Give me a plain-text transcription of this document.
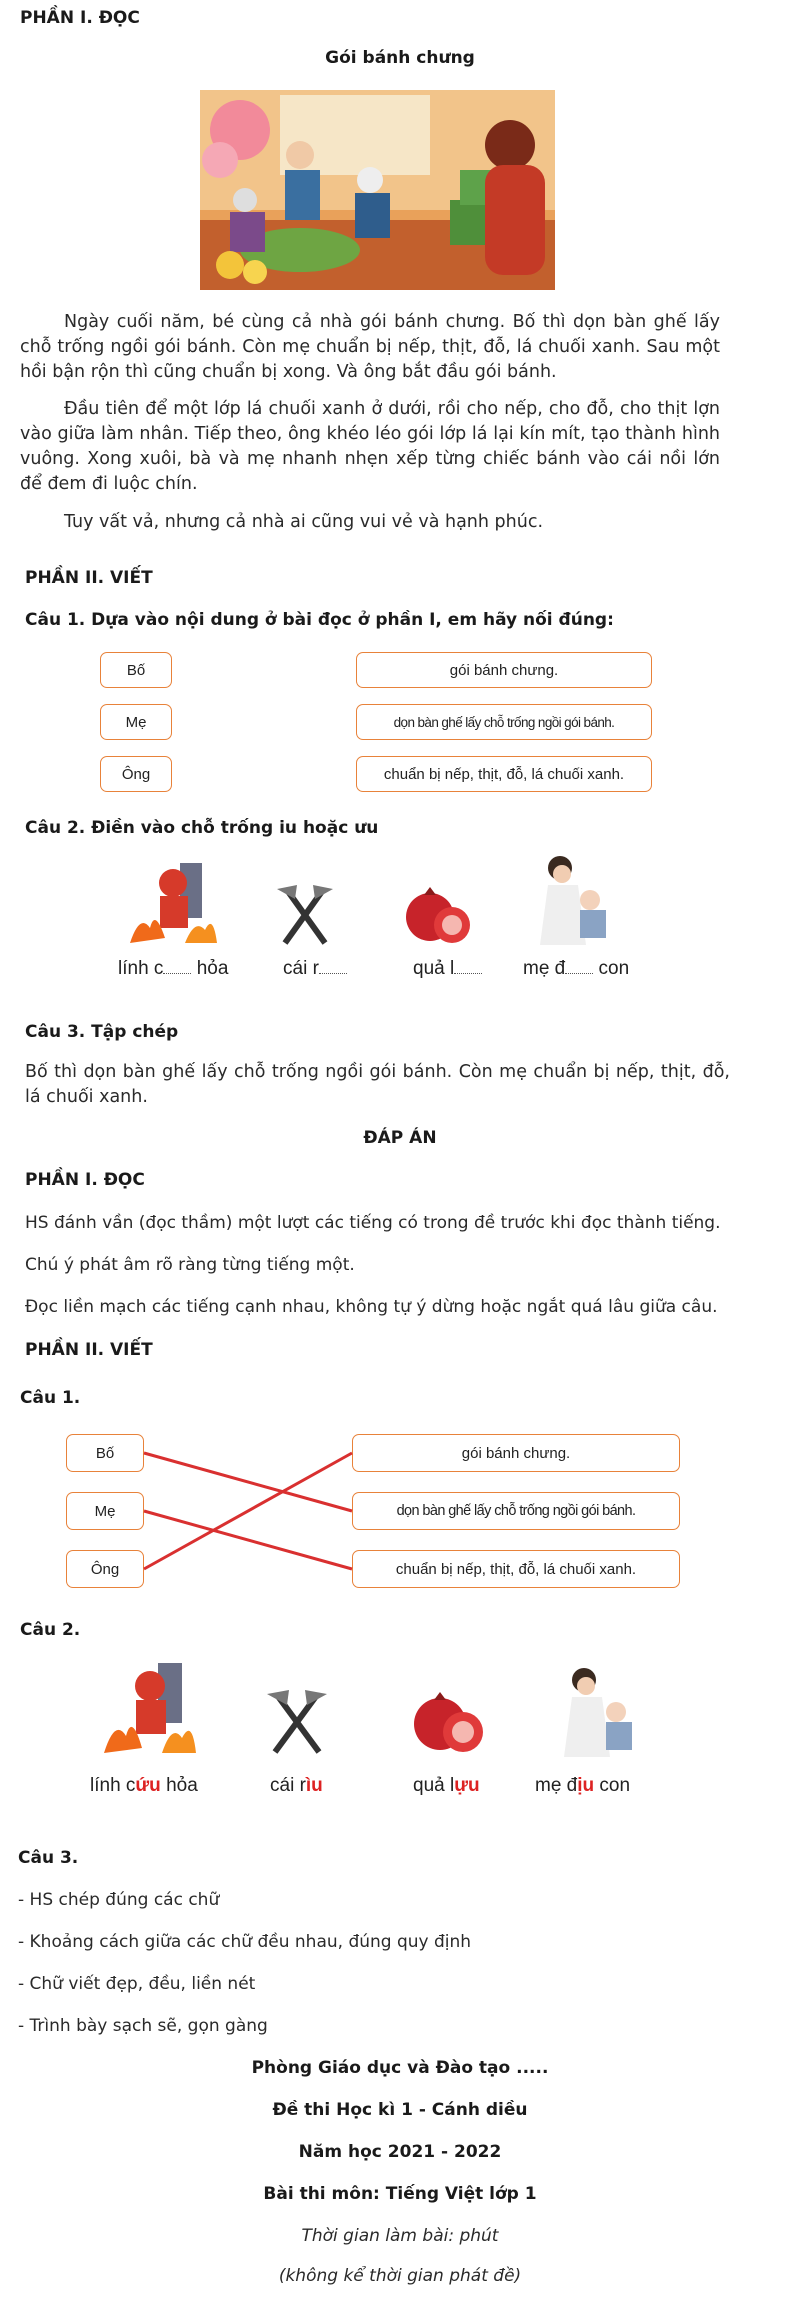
PHẦN I. ĐỌC
Gói bánh chưng
Ngày cuối năm, bé cùng cả nhà gói bánh chưng. Bố thì dọn bàn ghế lấy chỗ trống ngồi gói bánh. Còn mẹ chuẩn bị nếp, thịt, đỗ, lá chuối xanh. Sau một hồi bận rộn thì cũng chuẩn bị xong. Và ông bắt đầu gói bánh.
Đầu tiên để một lớp lá chuối xanh ở dưới, rồi cho nếp, cho đỗ, cho thịt lợn vào giữa làm nhân. Tiếp theo, ông khéo léo gói lớp lá lại kín mít, tạo thành hình vuông. Xong xuôi, bà và mẹ nhanh nhẹn xếp từng chiếc bánh vào cái nồi lớn để đem đi luộc chín.
Tuy vất vả, nhưng cả nhà ai cũng vui vẻ và hạnh phúc.
PHẦN II. VIẾT
Câu 1. Dựa vào nội dung ở bài đọc ở phần I, em hãy nối đúng:
Bố
Mẹ
Ông
gói bánh chưng.
dọn bàn ghế lấy chỗ trống ngồi gói bánh.
chuẩn bị nếp, thịt, đỗ, lá chuối xanh.
Câu 2. Điền vào chỗ trống iu hoặc ưu
lính c hỏa	cái r	quả l	mẹ đ con
Câu 3. Tập chép
Bố thì dọn bàn ghế lấy chỗ trống ngồi gói bánh. Còn mẹ chuẩn bị nếp, thịt, đỗ, lá chuối xanh.
ĐÁP ÁN
PHẦN I. ĐỌC
HS đánh vần (đọc thầm) một lượt các tiếng có trong đề trước khi đọc thành tiếng.
Chú ý phát âm rõ ràng từng tiếng một.
Đọc liền mạch các tiếng cạnh nhau, không tự ý dừng hoặc ngắt quá lâu giữa câu.
PHẦN II. VIẾT
Câu 1.
Bố
Mẹ
Ông
gói bánh chưng.
dọn bàn ghế lấy chỗ trống ngồi gói bánh.
chuẩn bị nếp, thịt, đỗ, lá chuối xanh.
Câu 2.
lính cứu hỏa	cái rìu	quả lựu	mẹ địu con
Câu 3.
- HS chép đúng các chữ
- Khoảng cách giữa các chữ đều nhau, đúng quy định
- Chữ viết đẹp, đều, liền nét
- Trình bày sạch sẽ, gọn gàng
Phòng Giáo dục và Đào tạo .....
Đề thi Học kì 1 - Cánh diều
Năm học 2021 - 2022
Bài thi môn: Tiếng Việt lớp 1
Thời gian làm bài: phút
(không kể thời gian phát đề)
